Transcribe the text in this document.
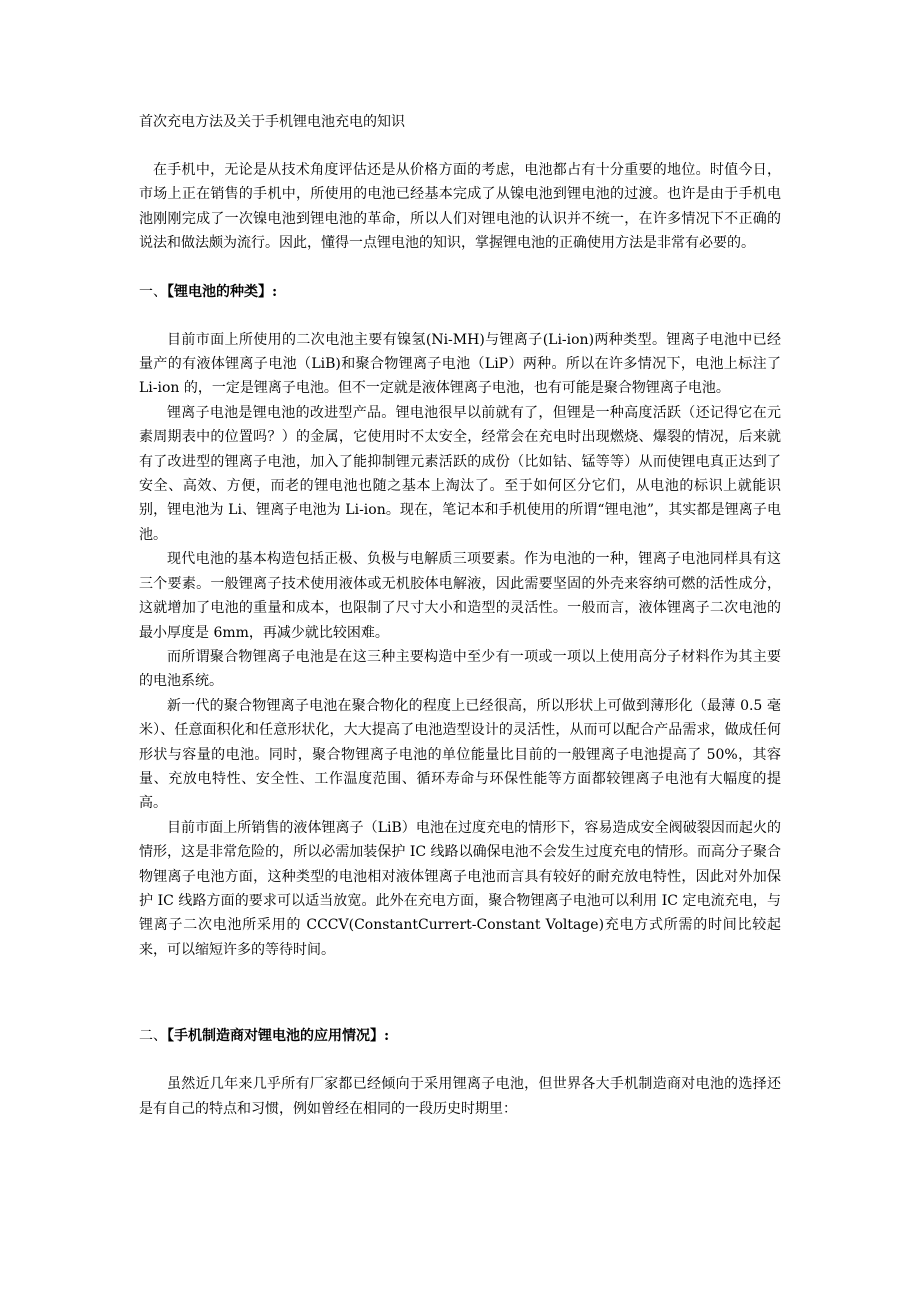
首次充电方法及关于手机锂电池充电的知识

在手机中，无论是从技术角度评估还是从价格方面的考虑，电池都占有十分重要的地位。时值今日，市场上正在销售的手机中，所使用的电池已经基本完成了从镍电池到锂电池的过渡。也许是由于手机电池刚刚完成了一次镍电池到锂电池的革命，所以人们对锂电池的认识并不统一，在许多情况下不正确的说法和做法颇为流行。因此，懂得一点锂电池的知识，掌握锂电池的正确使用方法是非常有必要的。

一、【锂电池的种类】:

目前市面上所使用的二次电池主要有镍氢(Ni-MH)与锂离子(Li-ion)两种类型。锂离子电池中已经量产的有液体锂离子电池（LiB)和聚合物锂离子电池（LiP）两种。所以在许多情况下，电池上标注了 Li-ion 的，一定是锂离子电池。但不一定就是液体锂离子电池，也有可能是聚合物锂离子电池。

锂离子电池是锂电池的改进型产品。锂电池很早以前就有了，但锂是一种高度活跃（还记得它在元素周期表中的位置吗？）的金属，它使用时不太安全，经常会在充电时出现燃烧、爆裂的情况，后来就有了改进型的锂离子电池，加入了能抑制锂元素活跃的成份（比如钴、锰等等）从而使锂电真正达到了安全、高效、方便，而老的锂电池也随之基本上淘汰了。至于如何区分它们，从电池的标识上就能识别，锂电池为 Li、锂离子电池为 Li-ion。现在，笔记本和手机使用的所谓“锂电池”，其实都是锂离子电池。

现代电池的基本构造包括正极、负极与电解质三项要素。作为电池的一种，锂离子电池同样具有这三个要素。一般锂离子技术使用液体或无机胶体电解液，因此需要坚固的外壳来容纳可燃的活性成分，这就增加了电池的重量和成本，也限制了尺寸大小和造型的灵活性。一般而言，液体锂离子二次电池的最小厚度是 6mm，再减少就比较困难。

而所谓聚合物锂离子电池是在这三种主要构造中至少有一项或一项以上使用高分子材料作为其主要的电池系统。

新一代的聚合物锂离子电池在聚合物化的程度上已经很高，所以形状上可做到薄形化（最薄 0.5 毫米）、任意面积化和任意形状化，大大提高了电池造型设计的灵活性，从而可以配合产品需求，做成任何形状与容量的电池。同时，聚合物锂离子电池的单位能量比目前的一般锂离子电池提高了 50%，其容量、充放电特性、安全性、工作温度范围、循环寿命与环保性能等方面都较锂离子电池有大幅度的提高。

目前市面上所销售的液体锂离子（LiB）电池在过度充电的情形下，容易造成安全阀破裂因而起火的情形，这是非常危险的，所以必需加装保护 IC 线路以确保电池不会发生过度充电的情形。而高分子聚合物锂离子电池方面，这种类型的电池相对液体锂离子电池而言具有较好的耐充放电特性，因此对外加保护 IC 线路方面的要求可以适当放宽。此外在充电方面，聚合物锂离子电池可以利用 IC 定电流充电，与锂离子二次电池所采用的 CCCV(ConstantCurrert-Constant Voltage)充电方式所需的时间比较起来，可以缩短许多的等待时间。

二、【手机制造商对锂电池的应用情况】:

虽然近几年来几乎所有厂家都已经倾向于采用锂离子电池，但世界各大手机制造商对电池的选择还是有自己的特点和习惯，例如曾经在相同的一段历史时期里：
